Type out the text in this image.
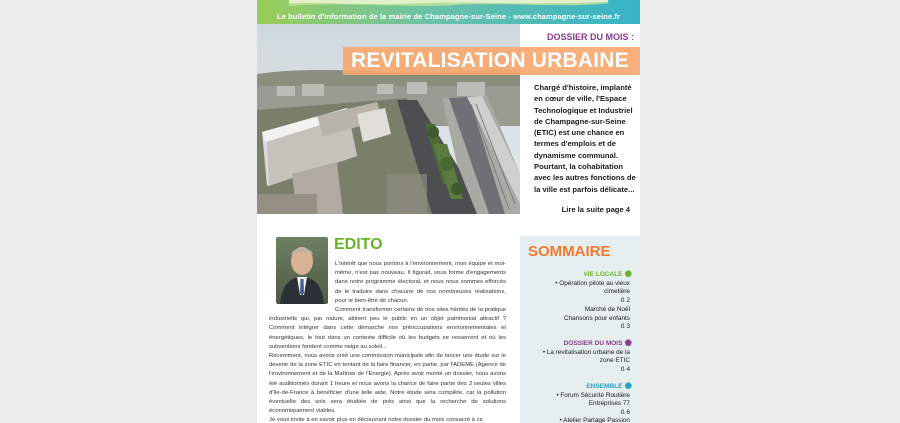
Le bulletin d'information de la mairie de Champagne-sur-Seine - www.champagne-sur-seine.fr
DOSSIER DU MOIS :
REVITALISATION URBAINE
Chargé d'histoire, implanté en cœur de ville, l'Espace Technologique et Industriel de Champagne-sur-Seine (ETIC) est une chance en termes d'emplois et de dynamisme communal. Pourtant, la cohabitation avec les autres fonctions de la ville est parfois délicate...
Lire la suite page 4
EDITO

L'intérêt que nous portons à l'environnement, mon équipe et moi-même, n'est pas nouveau. Il figurait, sous forme d'engagements dans notre programme électoral, et nous nous sommes efforcés de le traduire dans chacune de nos nombreuses réalisations, pour le bien-être de chacun.

Comment transformer certains de nos sites hérités de la pratique industrielle qui, par nature, attirent peu le public en un objet patrimonial attractif ? Comment intégrer dans cette démarche nos préoccupations environnementales et énergétiques, le tout dans un contexte difficile où les budgets se resserrent et où les subventions fondent comme neige au soleil...

Récemment, nous avons créé une commission municipale afin de lancer une étude sur le devenir de la zone ETIC en tentant de la faire financer, en partie, par l'ADEME (Agence de l'environnement et de la Maîtrise de l'Energie). Après avoir monté un dossier, nous avons été auditionnés durant 1 heure et nous avons la chance de faire partie des 3 seules villes d'Ile-de-France à bénéficier d'une telle aide. Notre étude sera complète, car la pollution éventuelle des sols sera étudiée de près ainsi que la recherche de solutions économiquement viables.

Je vous invite à en savoir plus en découvrant notre dossier du mois consacré à ce

SOMMAIRE
VIE LOCALE ✺
• Opération pilote au vieux cimetière
ß 2
Marché de Noël
Chansons pour enfants
ß 3
DOSSIER DU MOIS ✺
• La revitalisation urbaine de la zone ETIC
ß 4
ENSEMBLE ✺
• Forum Sécurité Routière Entreprises 77
ß 6
• Atelier Partage Passion
